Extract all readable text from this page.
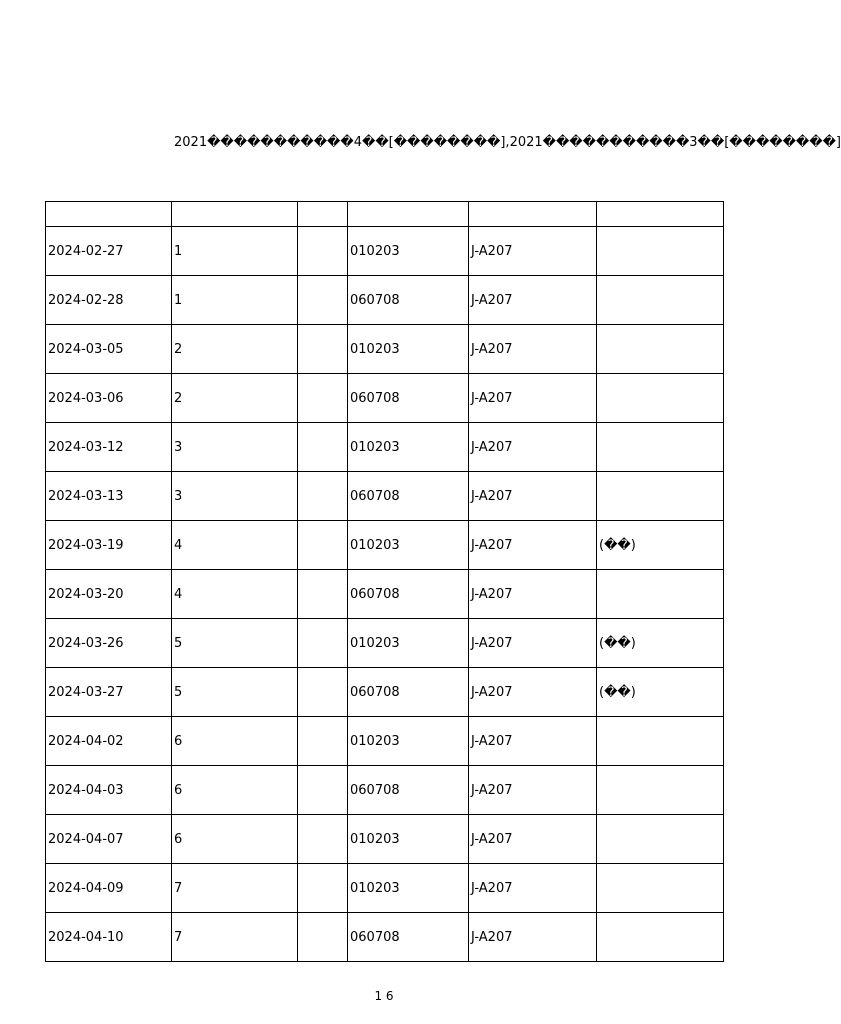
2021�����������4��[��������],2021�����������3��[��������]

2024-02-27	1		010203	J-A207	
2024-02-28	1		060708	J-A207	
2024-03-05	2		010203	J-A207	
2024-03-06	2		060708	J-A207	
2024-03-12	3		010203	J-A207	
2024-03-13	3		060708	J-A207	
2024-03-19	4		010203	J-A207	(��)
2024-03-20	4		060708	J-A207	
2024-03-26	5		010203	J-A207	(��)
2024-03-27	5		060708	J-A207	(��)
2024-04-02	6		010203	J-A207	
2024-04-03	6		060708	J-A207	
2024-04-07	6		010203	J-A207	
2024-04-09	7		010203	J-A207	
2024-04-10	7		060708	J-A207	
1 6
